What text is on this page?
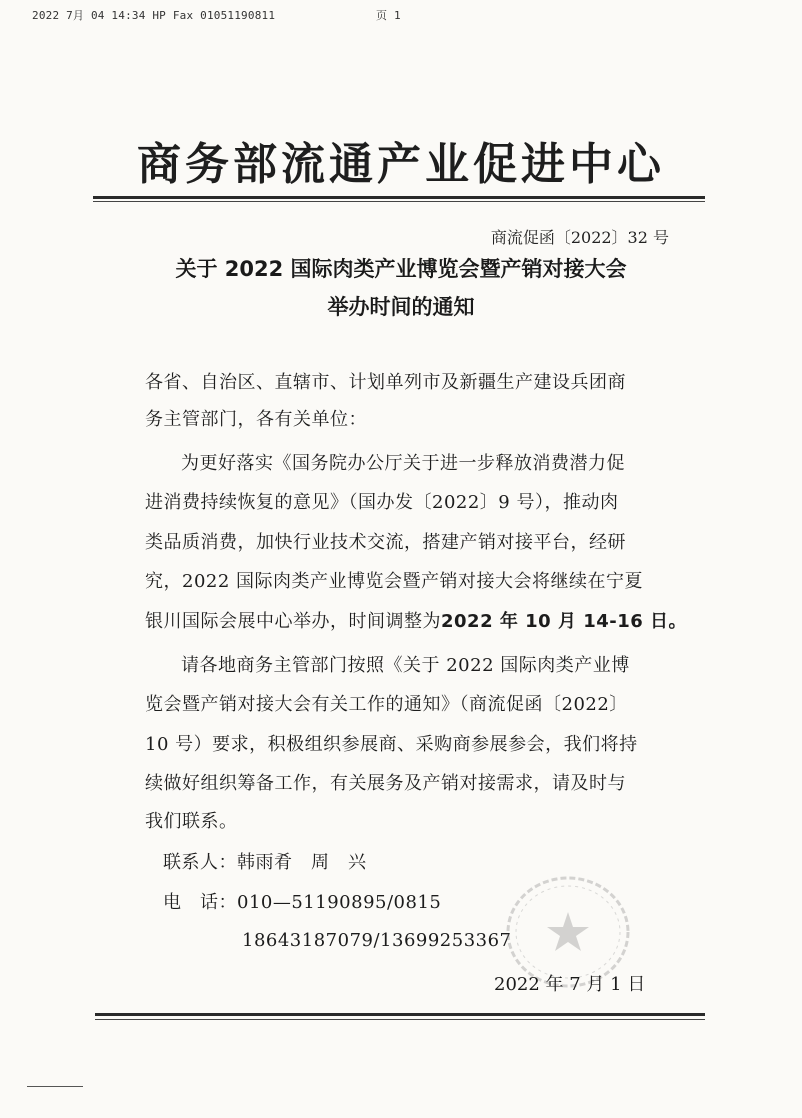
2022 7月 04 14:34 HP Fax 01051190811	页 1
商务部流通产业促进中心
商流促函〔2022〕32 号
关于 2022 国际肉类产业博览会暨产销对接大会
举办时间的通知
各省、自治区、直辖市、计划单列市及新疆生产建设兵团商
务主管部门，各有关单位：
为更好落实《国务院办公厅关于进一步释放消费潜力促
进消费持续恢复的意见》（国办发〔2022〕9 号），推动肉
类品质消费，加快行业技术交流，搭建产销对接平台，经研
究，2022 国际肉类产业博览会暨产销对接大会将继续在宁夏
银川国际会展中心举办，时间调整为2022 年 10 月 14-16 日。
请各地商务主管部门按照《关于 2022 国际肉类产业博
览会暨产销对接大会有关工作的通知》（商流促函〔2022〕
10 号）要求，积极组织参展商、采购商参展参会，我们将持
续做好组织筹备工作，有关展务及产销对接需求，请及时与
我们联系。
联系人：韩雨肴　周　兴
电　话：010—51190895/0815
18643187079/13699253367
2022 年 7 月 1 日
